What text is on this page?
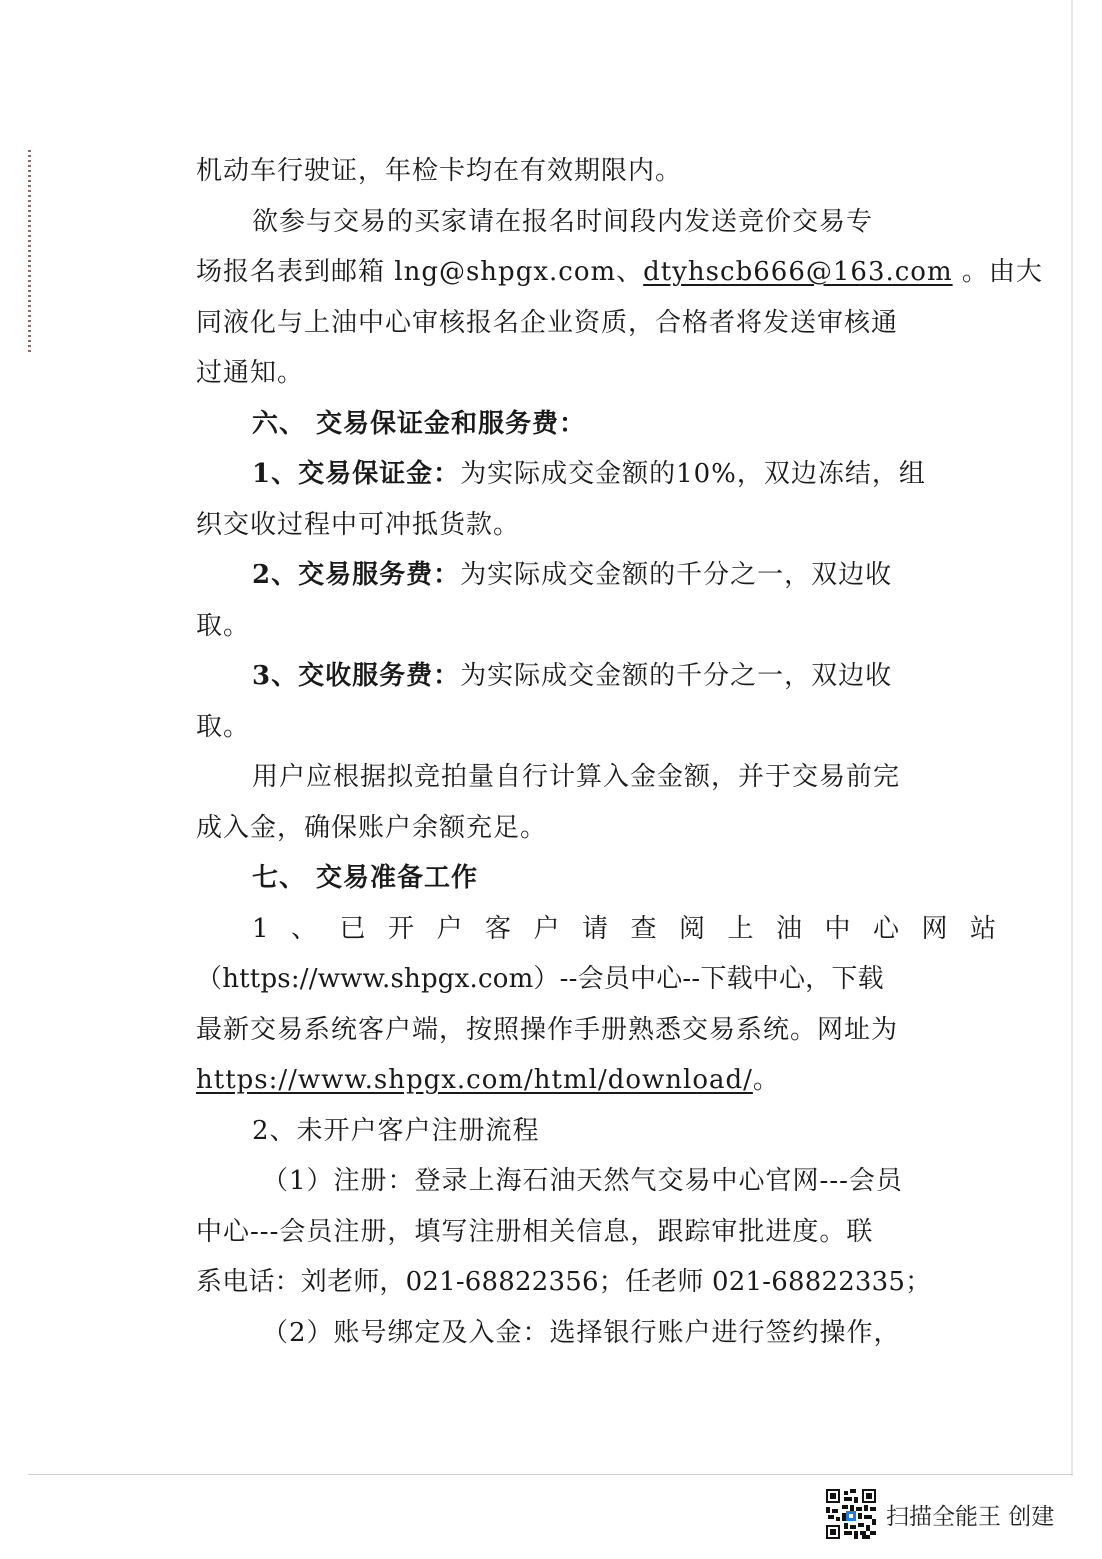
机动车行驶证，年检卡均在有效期限内。
欲参与交易的买家请在报名时间段内发送竞价交易专
场报名表到邮箱 lng@shpgx.com、dtyhscb666@163.com 。由大
同液化与上油中心审核报名企业资质，合格者将发送审核通
过通知。
六、 交易保证金和服务费：
1、交易保证金：为实际成交金额的10%，双边冻结，组
织交收过程中可冲抵货款。
2、交易服务费：为实际成交金额的千分之一，双边收
取。
3、交收服务费：为实际成交金额的千分之一，双边收
取。
用户应根据拟竞拍量自行计算入金金额，并于交易前完
成入金，确保账户余额充足。
七、 交易准备工作
1、已开户客户请查阅上油中心网站
（https://www.shpgx.com）--会员中心--下载中心，下载
最新交易系统客户端，按照操作手册熟悉交易系统。网址为
https://www.shpgx.com/html/download/。
2、未开户客户注册流程
（1）注册：登录上海石油天然气交易中心官网---会员
中心---会员注册，填写注册相关信息，跟踪审批进度。联
系电话：刘老师，021-68822356；任老师 021-68822335；
（2）账号绑定及入金：选择银行账户进行签约操作，
扫描全能王 创建
